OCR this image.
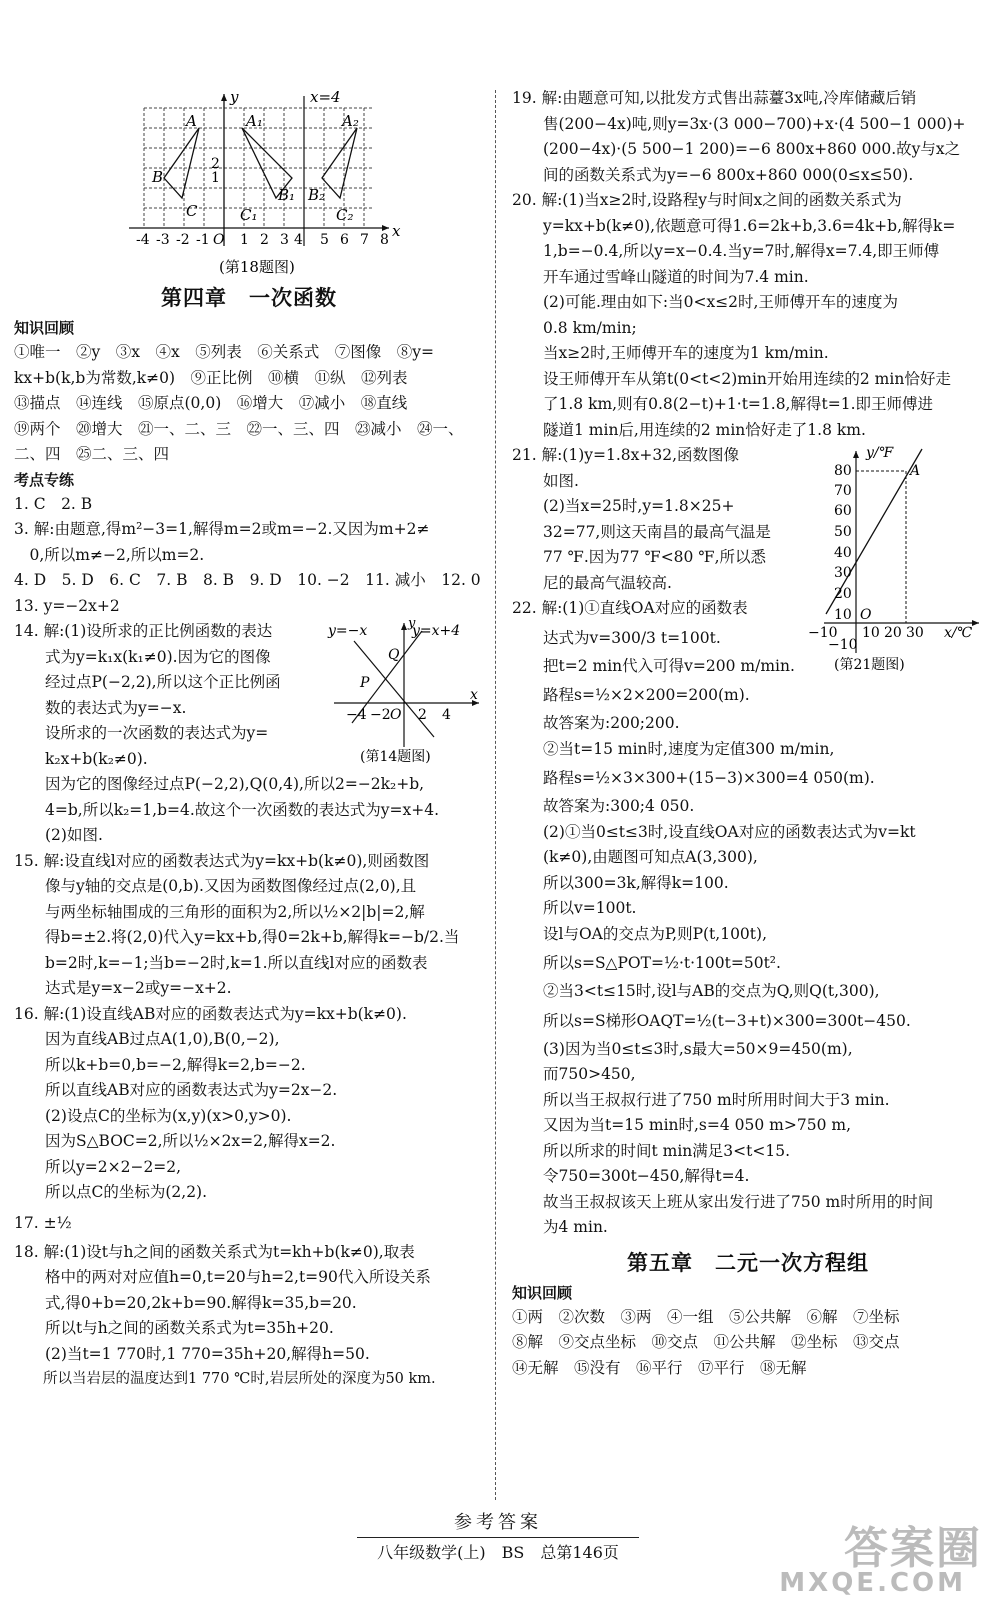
y	x=4
x
A	A₁	A₂
B
B₁ B₂
C	C₁	C₂
1
2
-4 -3 -2 -1 O 1 2 3 4 5 6 7 8
(第18题图)
第四章　一次函数
知识回顾
①唯一　②y　③x　④x　⑤列表　⑥关系式　⑦图像　⑧y=
kx+b(k,b为常数,k≠0)　⑨正比例　⑩横　⑪纵　⑫列表
⑬描点　⑭连线　⑮原点(0,0)　⑯增大　⑰减小　⑱直线
⑲两个　⑳增大　㉑一、二、三　㉒一、三、四　㉓减小　㉔一、
二、四　㉕二、三、四
考点专练
1. C　2. B
3. 解:由题意,得m²−3=1,解得m=2或m=−2.又因为m+2≠
　0,所以m≠−2,所以m=2.
4. D　5. D　6. C　7. B　8. B　9. D　10. −2　11. 减小　12. 0
13. y=−2x+2
y=−x	y=x+4
y
Q
P
x
−4 −2 O 2 4
(第14题图)
14. 解:(1)设所求的正比例函数的表达
　　式为y=k₁x(k₁≠0).因为它的图像
　　经过点P(−2,2),所以这个正比例函
　　数的表达式为y=−x.
　　设所求的一次函数的表达式为y=
　　k₂x+b(k₂≠0).
　　因为它的图像经过点P(−2,2),Q(0,4),所以2=−2k₂+b,
　　4=b,所以k₂=1,b=4.故这个一次函数的表达式为y=x+4.
　　(2)如图.
15. 解:设直线l对应的函数表达式为y=kx+b(k≠0),则函数图
　　像与y轴的交点是(0,b).又因为函数图像经过点(2,0),且
　　与两坐标轴围成的三角形的面积为2,所以½×2|b|=2,解
　　得b=±2.将(2,0)代入y=kx+b,得0=2k+b,解得k=−b/2.当
　　b=2时,k=−1;当b=−2时,k=1.所以直线l对应的函数表
　　达式是y=x−2或y=−x+2.
16. 解:(1)设直线AB对应的函数表达式为y=kx+b(k≠0).
　　因为直线AB过点A(1,0),B(0,−2),
　　所以k+b=0,b=−2,解得k=2,b=−2.
　　所以直线AB对应的函数表达式为y=2x−2.
　　(2)设点C的坐标为(x,y)(x>0,y>0).
　　因为S△BOC=2,所以½×2x=2,解得x=2.
　　所以y=2×2−2=2,
　　所以点C的坐标为(2,2).
17. ±½
18. 解:(1)设t与h之间的函数关系式为t=kh+b(k≠0),取表
　　格中的两对对应值h=0,t=20与h=2,t=90代入所设关系
　　式,得0+b=20,2k+b=90.解得k=35,b=20.
　　所以t与h之间的函数关系式为t=35h+20.
　　(2)当t=1 770时,1 770=35h+20,解得h=50.
　　所以当岩层的温度达到1 770 ℃时,岩层所处的深度为50 km.
19. 解:由题意可知,以批发方式售出蒜薹3x吨,冷库储藏后销
　　售(200−4x)吨,则y=3x·(3 000−700)+x·(4 500−1 000)+
　　(200−4x)·(5 500−1 200)=−6 800x+860 000.故y与x之
　　间的函数关系式为y=−6 800x+860 000(0≤x≤50).
20. 解:(1)当x≥2时,设路程y与时间x之间的函数关系式为
　　y=kx+b(k≠0),依题意可得1.6=2k+b,3.6=4k+b,解得k=
　　1,b=−0.4,所以y=x−0.4.当y=7时,解得x=7.4,即王师傅
　　开车通过雪峰山隧道的时间为7.4 min.
　　(2)可能.理由如下:当0<x≤2时,王师傅开车的速度为
　　0.8 km/min;
　　当x≥2时,王师傅开车的速度为1 km/min.
　　设王师傅开车从第t(0<t<2)min开始用连续的2 min恰好走
　　了1.8 km,则有0.8(2−t)+1·t=1.8,解得t=1.即王师傅进
　　隧道1 min后,用连续的2 min恰好走了1.8 km.
y/℉
A
O
80
70
60
50
40
30
20
10
−10
−10 10 20 30 x/℃
(第21题图)
21. 解:(1)y=1.8x+32,函数图像
　　如图.
　　(2)当x=25时,y=1.8×25+
　　32=77,则这天南昌的最高气温是
　　77 ℉.因为77 ℉<80 ℉,所以悉
　　尼的最高气温较高.
22. 解:(1)①直线OA对应的函数表
　　达式为v=300/3 t=100t.
　　把t=2 min代入可得v=200 m/min.
　　路程s=½×2×200=200(m).
　　故答案为:200;200.
　　②当t=15 min时,速度为定值300 m/min,
　　路程s=½×3×300+(15−3)×300=4 050(m).
　　故答案为:300;4 050.
　　(2)①当0≤t≤3时,设直线OA对应的函数表达式为v=kt
　　(k≠0),由题图可知点A(3,300),
　　所以300=3k,解得k=100.
　　所以v=100t.
　　设l与OA的交点为P,则P(t,100t),
　　所以s=S△POT=½·t·100t=50t².
　　②当3<t≤15时,设l与AB的交点为Q,则Q(t,300),
　　所以s=S梯形OAQT=½(t−3+t)×300=300t−450.
　　(3)因为当0≤t≤3时,s最大=50×9=450(m),
　　而750>450,
　　所以当王叔叔行进了750 m时所用时间大于3 min.
　　又因为当t=15 min时,s=4 050 m>750 m,
　　所以所求的时间t min满足3<t<15.
　　令750=300t−450,解得t=4.
　　故当王叔叔该天上班从家出发行进了750 m时所用的时间
　　为4 min.
第五章　二元一次方程组
知识回顾
①两　②次数　③两　④一组　⑤公共解　⑥解　⑦坐标
⑧解　⑨交点坐标　⑩交点　⑪公共解　⑫坐标　⑬交点
⑭无解　⑮没有　⑯平行　⑰平行　⑱无解
参考答案
八年级数学(上)　BS　总第146页	答案圈
MXQE.COM
